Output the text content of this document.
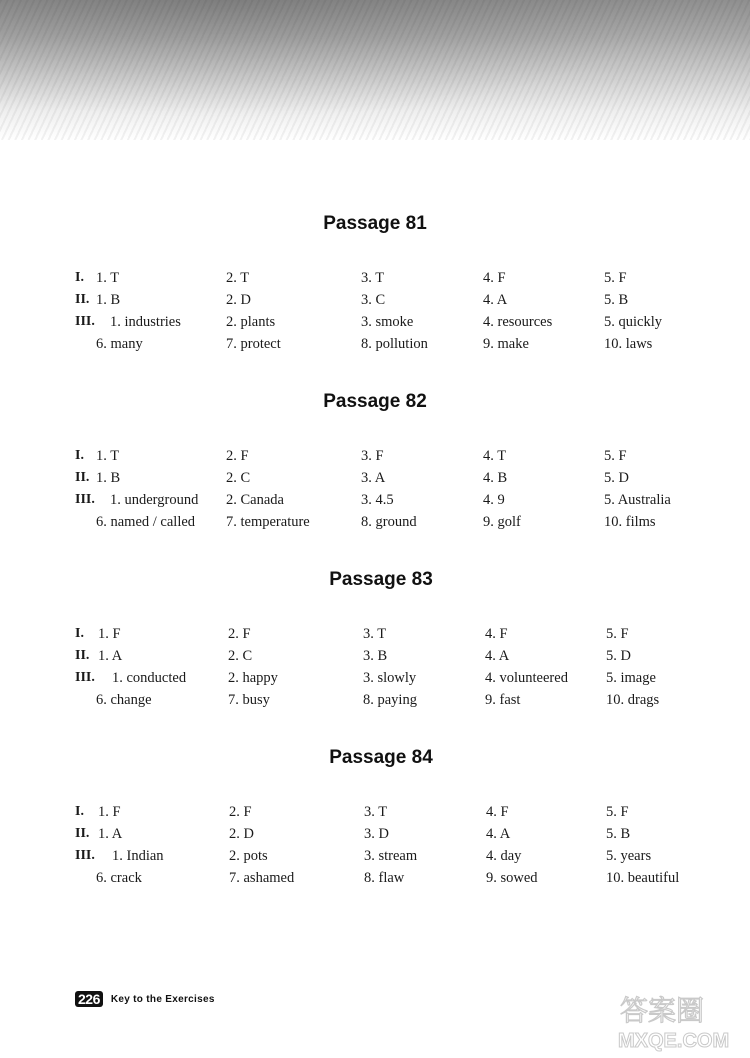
Passage 81
I. 1. T	2. T	3. T	4. F	5. F
II. 1. B	2. D	3. C	4. A	5. B
III. 1. industries	2. plants	3. smoke	4. resources	5. quickly
6. many	7. protect	8. pollution	9. make	10. laws
Passage 82
I. 1. T	2. F	3. F	4. T	5. F
II. 1. B	2. C	3. A	4. B	5. D
III. 1. underground 2. Canada	3. 4.5	4. 9	5. Australia
6. named / called 7. temperature	8. ground	9. golf	10. films
Passage 83
I. 1. F	2. F	3. T	4. F	5. F
II. 1. A	2. C	3. B	4. A	5. D
III. 1. conducted	2. happy	3. slowly	4. volunteered	5. image
6. change	7. busy	8. paying	9. fast	10. drags
Passage 84
I. 1. F	2. F	3. T	4. F	5. F
II. 1. A	2. D	3. D	4. A	5. B
III. 1. Indian	2. pots	3. stream	4. day	5. years
6. crack	7. ashamed	8. flaw	9. sowed	10. beautiful
226	Key to the Exercises	答案圈
MXQE.COM
